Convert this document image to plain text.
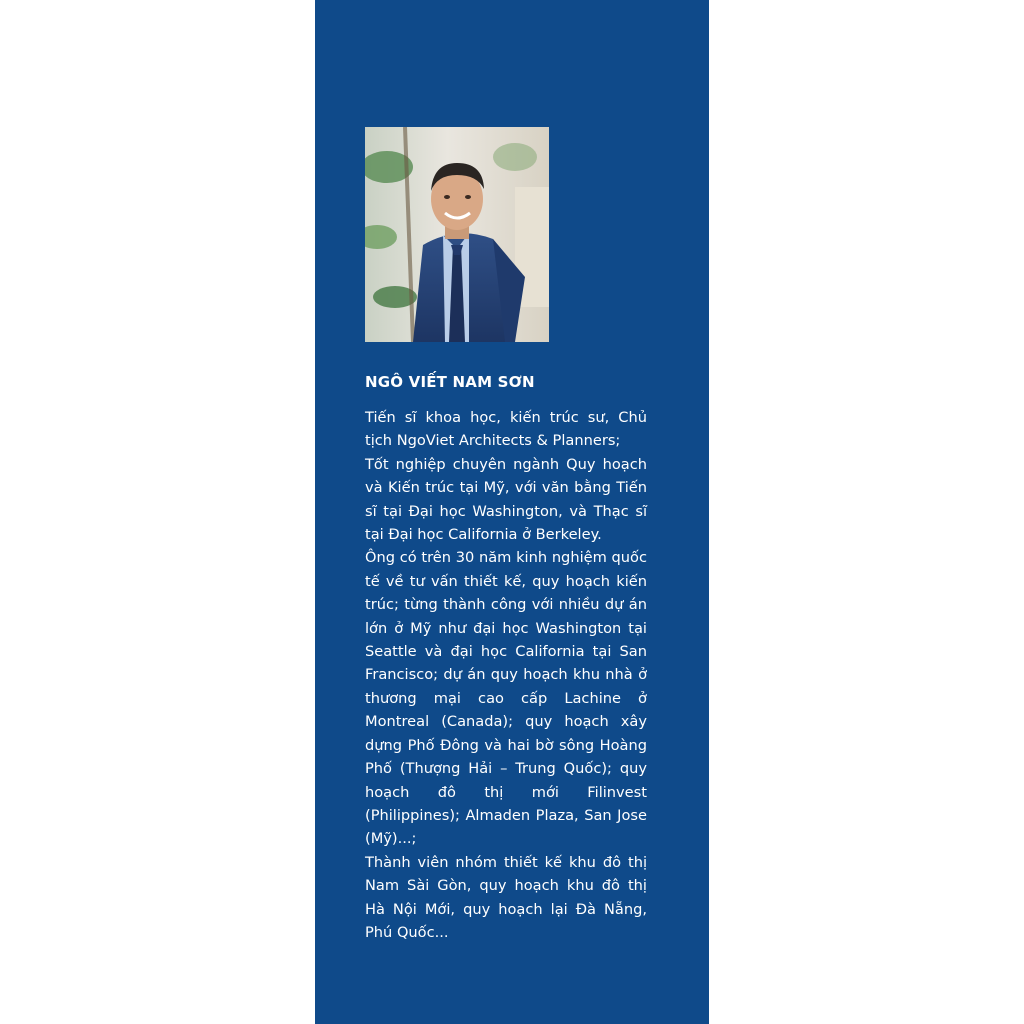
NGÔ VIẾT NAM SƠN

Tiến sĩ khoa học, kiến trúc sư, Chủ tịch NgoViet Architects & Planners;

Tốt nghiệp chuyên ngành Quy hoạch và Kiến trúc tại Mỹ, với văn bằng Tiến sĩ tại Đại học Washington, và Thạc sĩ tại Đại học California ở Berkeley.

Ông có trên 30 năm kinh nghiệm quốc tế về tư vấn thiết kế, quy hoạch kiến trúc; từng thành công với nhiều dự án lớn ở Mỹ như đại học Washington tại Seattle và đại học California tại San Francisco; dự án quy hoạch khu nhà ở thương mại cao cấp Lachine ở Montreal (Canada); quy hoạch xây dựng Phố Đông và hai bờ sông Hoàng Phố (Thượng Hải – Trung Quốc); quy hoạch đô thị mới Filinvest (Philippines); Almaden Plaza, San Jose (Mỹ)...;

Thành viên nhóm thiết kế khu đô thị Nam Sài Gòn, quy hoạch khu đô thị Hà Nội Mới, quy hoạch lại Đà Nẵng, Phú Quốc...
